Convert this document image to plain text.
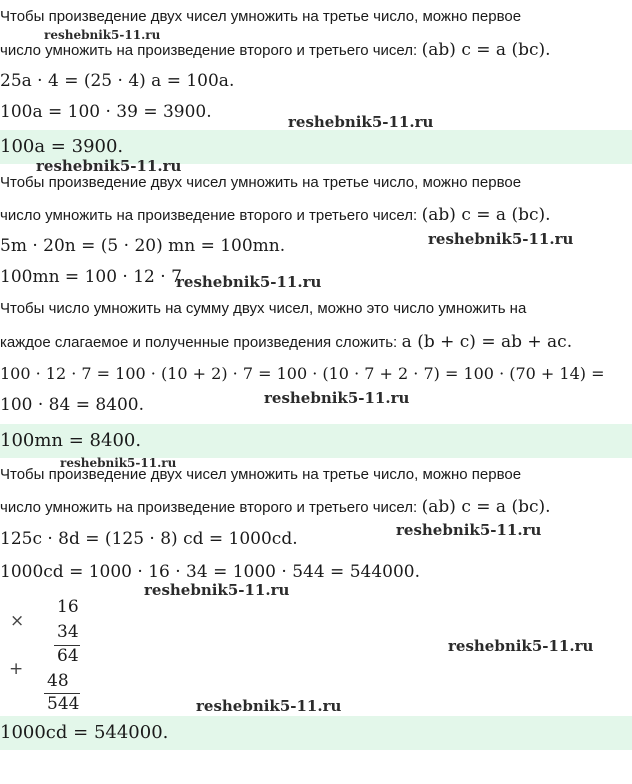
Чтобы произведение двух чисел умножить на третье число, можно первое
число умножить на произведение второго и третьего чисел: (ab) c = a (bc).
25a · 4 = (25 · 4) a = 100a.
100a = 100 · 39 = 3900.
100a = 3900.
Чтобы произведение двух чисел умножить на третье число, можно первое
число умножить на произведение второго и третьего чисел: (ab) c = a (bc).
5m · 20n = (5 · 20) mn = 100mn.
100mn = 100 · 12 · 7
Чтобы число умножить на сумму двух чисел, можно это число умножить на
каждое слагаемое и полученные произведения сложить: a (b + c) = ab + ac.
100 · 12 · 7 = 100 · (10 + 2) · 7 = 100 · (10 · 7 + 2 · 7) = 100 · (70 + 14) =
100 · 84 = 8400.
100mn = 8400.
Чтобы произведение двух чисел умножить на третье число, можно первое
число умножить на произведение второго и третьего чисел: (ab) c = a (bc).
125c · 8d = (125 · 8) cd = 1000cd.
1000cd = 1000 · 16 · 34 = 1000 · 544 = 544000.
×
16
34
64
+
48
544
1000cd = 544000.
reshebnik5-11.ru
reshebnik5-11.ru
reshebnik5-11.ru
reshebnik5-11.ru
reshebnik5-11.ru
reshebnik5-11.ru
reshebnik5-11.ru
reshebnik5-11.ru
reshebnik5-11.ru
reshebnik5-11.ru
reshebnik5-11.ru
